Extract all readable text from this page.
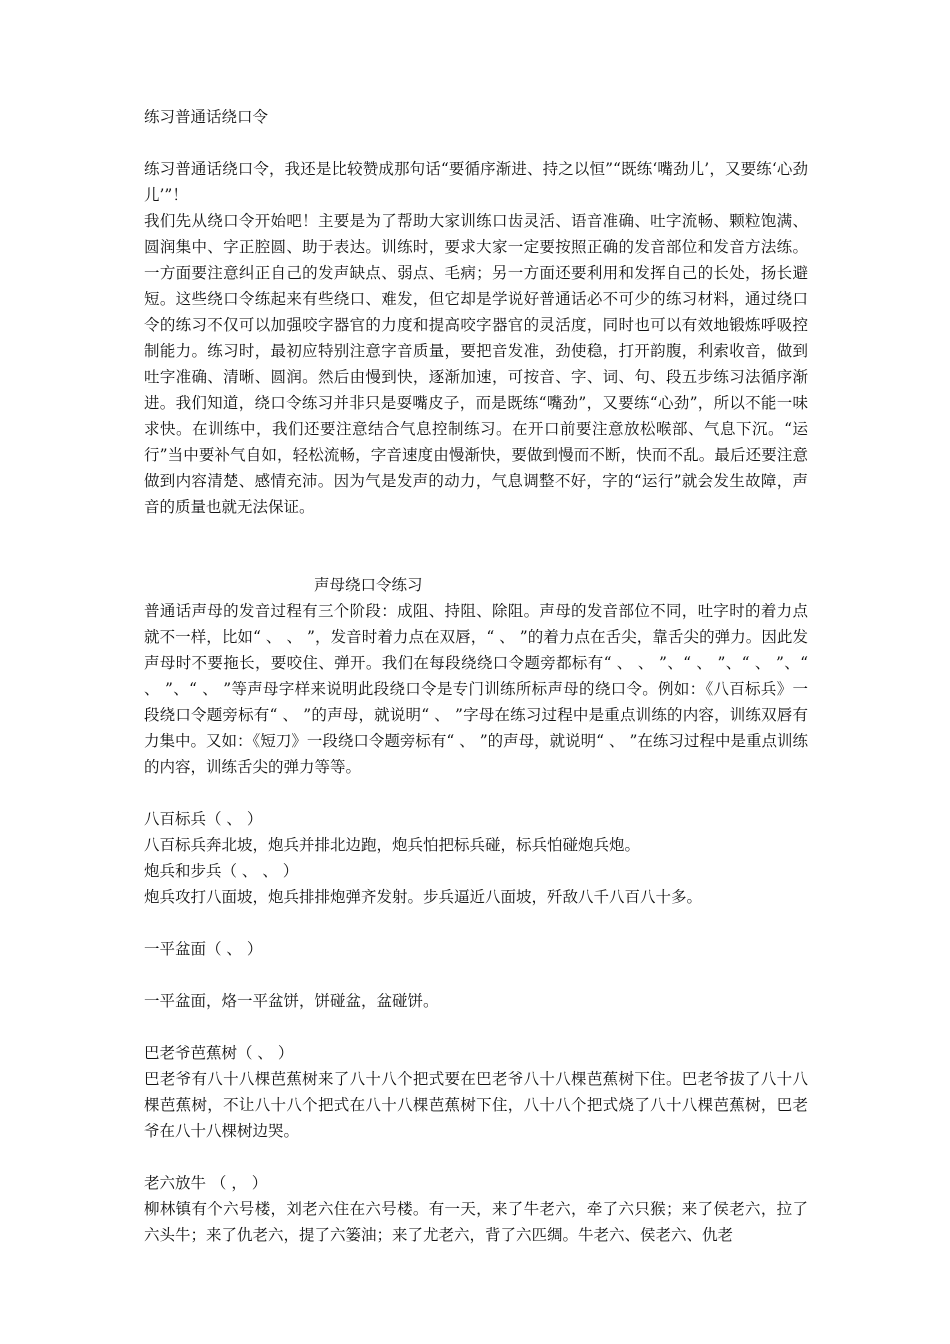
练习普通话绕口令

练习普通话绕口令，我还是比较赞成那句话“要循序渐进、持之以恒”“既练‘嘴劲儿’，又要练‘心劲儿’”！

我们先从绕口令开始吧！主要是为了帮助大家训练口齿灵活、语音准确、吐字流畅、颗粒饱满、圆润集中、字正腔圆、助于表达。训练时，要求大家一定要按照正确的发音部位和发音方法练。一方面要注意纠正自己的发声缺点、弱点、毛病；另一方面还要利用和发挥自己的长处，扬长避短。这些绕口令练起来有些绕口、难发，但它却是学说好普通话必不可少的练习材料，通过绕口令的练习不仅可以加强咬字器官的力度和提高咬字器官的灵活度，同时也可以有效地锻炼呼吸控制能力。练习时，最初应特别注意字音质量，要把音发准，劲使稳，打开韵腹，利索收音，做到吐字准确、清晰、圆润。然后由慢到快，逐渐加速，可按音、字、词、句、段五步练习法循序渐进。我们知道，绕口令练习并非只是耍嘴皮子，而是既练“嘴劲”，又要练“心劲”，所以不能一味求快。在训练中，我们还要注意结合气息控制练习。在开口前要注意放松喉部、气息下沉。“运行”当中要补气自如，轻松流畅，字音速度由慢渐快，要做到慢而不断，快而不乱。最后还要注意做到内容清楚、感情充沛。因为气是发声的动力，气息调整不好，字的“运行”就会发生故障，声音的质量也就无法保证。

声母绕口令练习

普通话声母的发音过程有三个阶段：成阻、持阻、除阻。声母的发音部位不同，吐字时的着力点就不一样，比如“ 、 、 ”，发音时着力点在双唇，“ 、 ”的着力点在舌尖，靠舌尖的弹力。因此发声母时不要拖长，要咬住、弹开。我们在每段绕绕口令题旁都标有“ 、 、 ”、“ 、 ”、“ 、 ”、“ 、 ”、“ 、 ”等声母字样来说明此段绕口令是专门训练所标声母的绕口令。例如：《八百标兵》一段绕口令题旁标有“ 、 ”的声母，就说明“ 、 ”字母在练习过程中是重点训练的内容，训练双唇有力集中。又如：《短刀》一段绕口令题旁标有“ 、 ”的声母，就说明“ 、 ”在练习过程中是重点训练的内容，训练舌尖的弹力等等。

八百标兵（ 、 ）

八百标兵奔北坡，炮兵并排北边跑，炮兵怕把标兵碰，标兵怕碰炮兵炮。

炮兵和步兵（ 、 、 ）

炮兵攻打八面坡，炮兵排排炮弹齐发射。步兵逼近八面坡，歼敌八千八百八十多。

一平盆面（ 、 ）

一平盆面，烙一平盆饼，饼碰盆，盆碰饼。

巴老爷芭蕉树（ 、 ）

巴老爷有八十八棵芭蕉树来了八十八个把式要在巴老爷八十八棵芭蕉树下住。巴老爷拔了八十八棵芭蕉树，不让八十八个把式在八十八棵芭蕉树下住，八十八个把式烧了八十八棵芭蕉树，巴老爷在八十八棵树边哭。

老六放牛 （ ， ）

柳林镇有个六号楼，刘老六住在六号楼。有一天，来了牛老六，牵了六只猴；来了侯老六，拉了六头牛；来了仇老六，提了六篓油；来了尤老六，背了六匹绸。牛老六、侯老六、仇老
